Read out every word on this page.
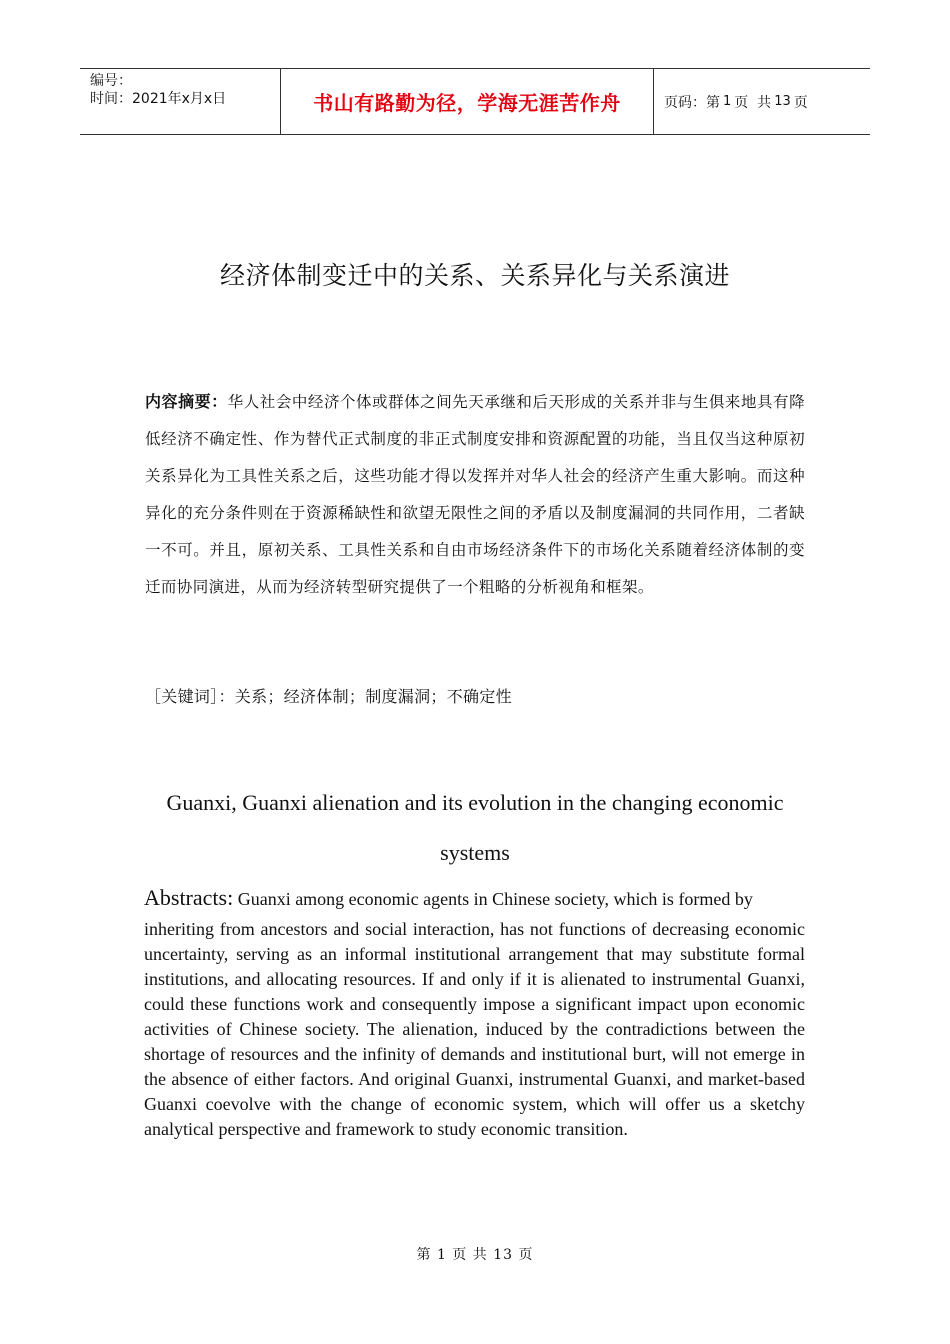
编号：
时间：2021年x月x日	书山有路勤为径，学海无涯苦作舟	页码：第 1 页  共 13 页
经济体制变迁中的关系、关系异化与关系演进
内容摘要：华人社会中经济个体或群体之间先天承继和后天形成的关系并非与生俱来地具有降低经济不确定性、作为替代正式制度的非正式制度安排和资源配置的功能，当且仅当这种原初关系异化为工具性关系之后，这些功能才得以发挥并对华人社会的经济产生重大影响。而这种异化的充分条件则在于资源稀缺性和欲望无限性之间的矛盾以及制度漏洞的共同作用，二者缺一不可。并且，原初关系、工具性关系和自由市场经济条件下的市场化关系随着经济体制的变迁而协同演进，从而为经济转型研究提供了一个粗略的分析视角和框架。
［关键词］：关系；经济体制；制度漏洞；不确定性
Guanxi, Guanxi alienation and its evolution in the changing economic
systems
Abstracts: Guanxi among economic agents in Chinese society, which is formed by
inheriting from ancestors and social interaction, has not functions of decreasing economic uncertainty, serving as an informal institutional arrangement that may substitute formal institutions, and allocating resources. If and only if it is alienated to instrumental Guanxi, could these functions work and consequently impose a significant impact upon economic activities of Chinese society. The alienation, induced by the contradictions between the shortage of resources and the infinity of demands and institutional burt, will not emerge in the absence of either factors. And original Guanxi, instrumental Guanxi, and market-based Guanxi coevolve with the change of economic system, which will offer us a sketchy analytical perspective and framework to study economic transition.
第 1 页 共 13 页
